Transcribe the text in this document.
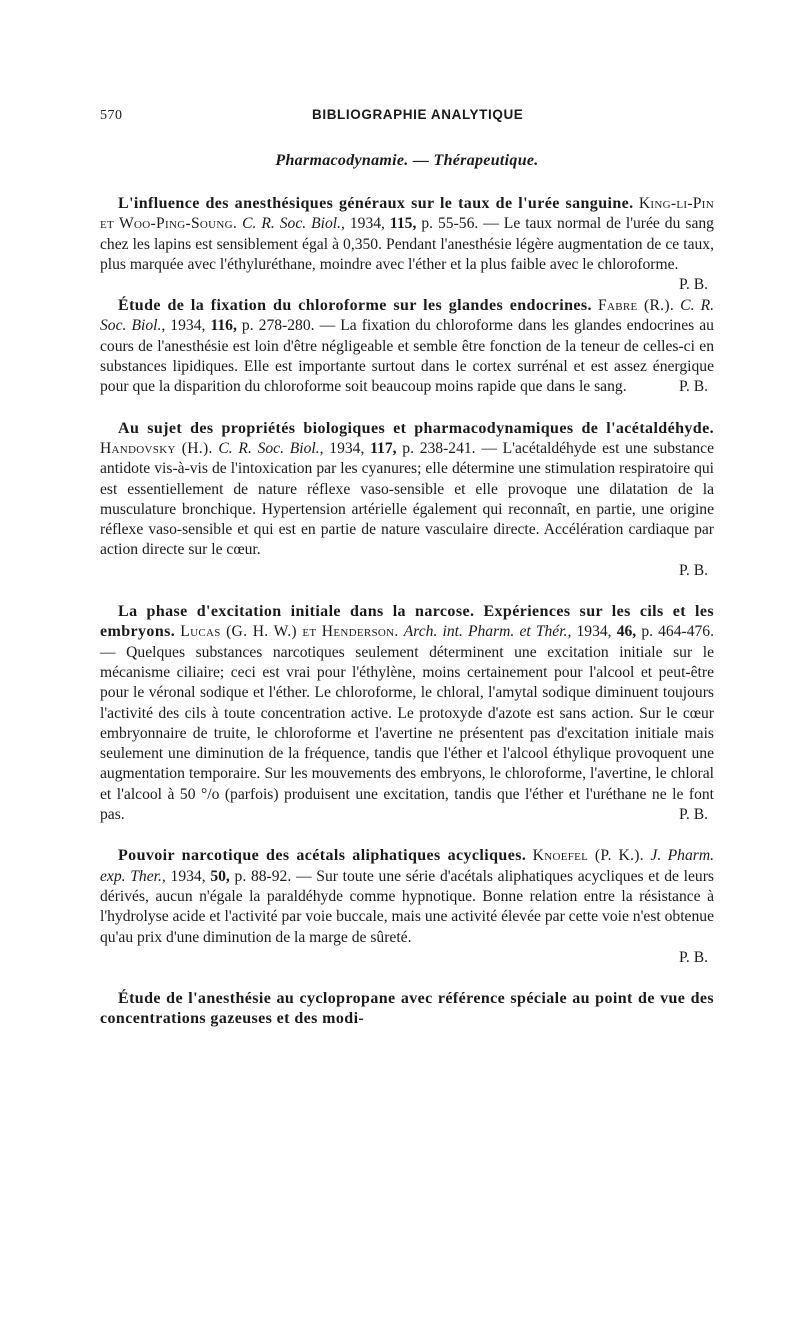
570	BIBLIOGRAPHIE ANALYTIQUE
Pharmacodynamie. — Thérapeutique.

L'influence des anesthésiques généraux sur le taux de l'urée sanguine. King-li-Pin et Woo-Ping-Soung. C. R. Soc. Biol., 1934, 115, p. 55-56. — Le taux normal de l'urée du sang chez les lapins est sensiblement égal à 0,350. Pendant l'anesthésie légère augmentation de ce taux, plus marquée avec l'éthyluréthane, moindre avec l'éther et la plus faible avec le chloroforme.
P. B.

Étude de la fixation du chloroforme sur les glandes endocrines. Fabre (R.). C. R. Soc. Biol., 1934, 116, p. 278-280. — La fixation du chloroforme dans les glandes endocrines au cours de l'anesthésie est loin d'être négligeable et semble être fonction de la teneur de celles-ci en substances lipidiques. Elle est importante surtout dans le cortex surrénal et est assez énergique pour que la disparition du chloroforme soit beaucoup moins rapide que dans le sang.	P. B.

Au sujet des propriétés biologiques et pharmacodynamiques de l'acétaldéhyde. Handovsky (H.). C. R. Soc. Biol., 1934, 117, p. 238-241. — L'acétaldéhyde est une substance antidote vis-à-vis de l'intoxication par les cyanures; elle détermine une stimulation respiratoire qui est essentiellement de nature réflexe vaso-sensible et elle provoque une dilatation de la musculature bronchique. Hypertension artérielle également qui reconnaît, en partie, une origine réflexe vaso-sensible et qui est en partie de nature vasculaire directe. Accélération cardiaque par action directe sur le cœur.

P. B.

La phase d'excitation initiale dans la narcose. Expériences sur les cils et les embryons. Lucas (G. H. W.) et Henderson. Arch. int. Pharm. et Thér., 1934, 46, p. 464-476. — Quelques substances narcotiques seulement déterminent une excitation initiale sur le mécanisme ciliaire; ceci est vrai pour l'éthylène, moins certainement pour l'alcool et peut-être pour le véronal sodique et l'éther. Le chloroforme, le chloral, l'amytal sodique diminuent toujours l'activité des cils à toute concentration active. Le protoxyde d'azote est sans action. Sur le cœur embryonnaire de truite, le chloroforme et l'avertine ne présentent pas d'excitation initiale mais seulement une diminution de la fréquence, tandis que l'éther et l'alcool éthylique provoquent une augmentation temporaire. Sur les mouvements des embryons, le chloroforme, l'avertine, le chloral et l'alcool à 50 °/o (parfois) produisent une excitation, tandis que l'éther et l'uréthane ne le font pas.	P. B.

Pouvoir narcotique des acétals aliphatiques acycliques. Knoefel (P. K.). J. Pharm. exp. Ther., 1934, 50, p. 88-92. — Sur toute une série d'acétals aliphatiques acycliques et de leurs dérivés, aucun n'égale la paraldéhyde comme hypnotique. Bonne relation entre la résistance à l'hydrolyse acide et l'activité par voie buccale, mais une activité élevée par cette voie n'est obtenue qu'au prix d'une diminution de la marge de sûreté.

P. B.

Étude de l'anesthésie au cyclopropane avec référence spéciale au point de vue des concentrations gazeuses et des modi-
